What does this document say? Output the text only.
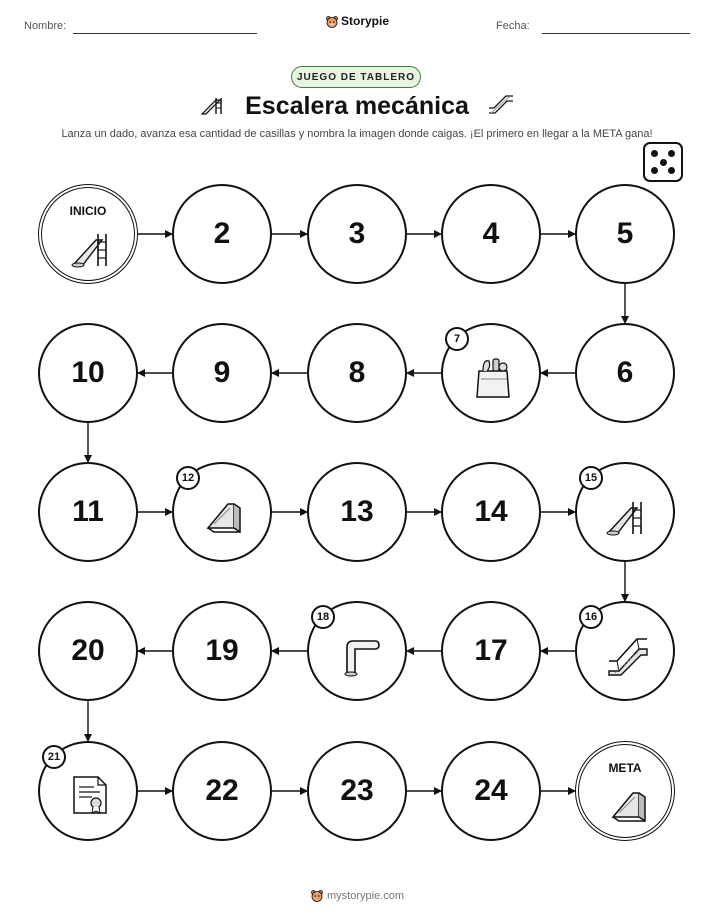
Nombre:	Storypie	Fecha:
JUEGO DE TABLERO
Escalera mecánica
Lanza un dado, avanza esa cantidad de casillas y nombra la imagen donde caigas. ¡El primero en llegar a la META gana!
INICIO
2	3	4	5
6
7
8
9
10
11
12
13	14
15
16
17
18
19
20
21
22	23	24
META
mystorypie.com
